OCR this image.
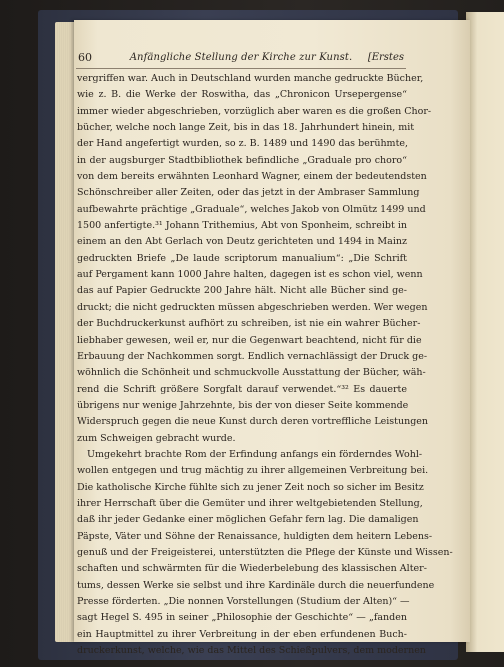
60	Anfängliche Stellung der Kirche zur Kunst.	[Erstes
vergriffen war. Auch in Deutschland wurden manche gedruckte Bücher,
wie z. B. die Werke der Roswitha, das „Chronicon Ursepergense“
immer wieder abgeschrieben, vorzüglich aber waren es die großen Chor-
bücher, welche noch lange Zeit, bis in das 18. Jahrhundert hinein, mit
der Hand angefertigt wurden, so z. B. 1489 und 1490 das berühmte,
in der augsburger Stadtbibliothek befindliche „Graduale pro choro“
von dem bereits erwähnten Leonhard Wagner, einem der bedeutendsten
Schönschreiber aller Zeiten, oder das jetzt in der Ambraser Sammlung
aufbewahrte prächtige „Graduale“, welches Jakob von Olmütz 1499 und
1500 anfertigte.³¹ Johann Trithemius, Abt von Sponheim, schreibt in
einem an den Abt Gerlach von Deutz gerichteten und 1494 in Mainz
gedruckten Briefe „De laude scriptorum manualium“: „Die Schrift
auf Pergament kann 1000 Jahre halten, dagegen ist es schon viel, wenn
das auf Papier Gedruckte 200 Jahre hält. Nicht alle Bücher sind ge-
druckt; die nicht gedruckten müssen abgeschrieben werden. Wer wegen
der Buchdruckerkunst aufhört zu schreiben, ist nie ein wahrer Bücher-
liebhaber gewesen, weil er, nur die Gegenwart beachtend, nicht für die
Erbauung der Nachkommen sorgt. Endlich vernachlässigt der Druck ge-
wöhnlich die Schönheit und schmuckvolle Ausstattung der Bücher, wäh-
rend die Schrift größere Sorgfalt darauf verwendet.“³² Es dauerte
übrigens nur wenige Jahrzehnte, bis der von dieser Seite kommende
Widerspruch gegen die neue Kunst durch deren vortreffliche Leistungen
zum Schweigen gebracht wurde.
Umgekehrt brachte Rom der Erfindung anfangs ein förderndes Wohl-
wollen entgegen und trug mächtig zu ihrer allgemeinen Verbreitung bei.
Die katholische Kirche fühlte sich zu jener Zeit noch so sicher im Besitz
ihrer Herrschaft über die Gemüter und ihrer weltgebietenden Stellung,
daß ihr jeder Gedanke einer möglichen Gefahr fern lag. Die damaligen
Päpste, Väter und Söhne der Renaissance, huldigten dem heitern Lebens-
genuß und der Freigeisterei, unterstützten die Pflege der Künste und Wissen-
schaften und schwärmten für die Wiederbelebung des klassischen Alter-
tums, dessen Werke sie selbst und ihre Kardinäle durch die neuerfundene
Presse förderten. „Die nonnen Vorstellungen (Studium der Alten)“ —
sagt Hegel S. 495 in seiner „Philosophie der Geschichte“ — „fanden
ein Hauptmittel zu ihrer Verbreitung in der eben erfundenen Buch-
druckerkunst, welche, wie das Mittel des Schießpulvers, dem modernen
